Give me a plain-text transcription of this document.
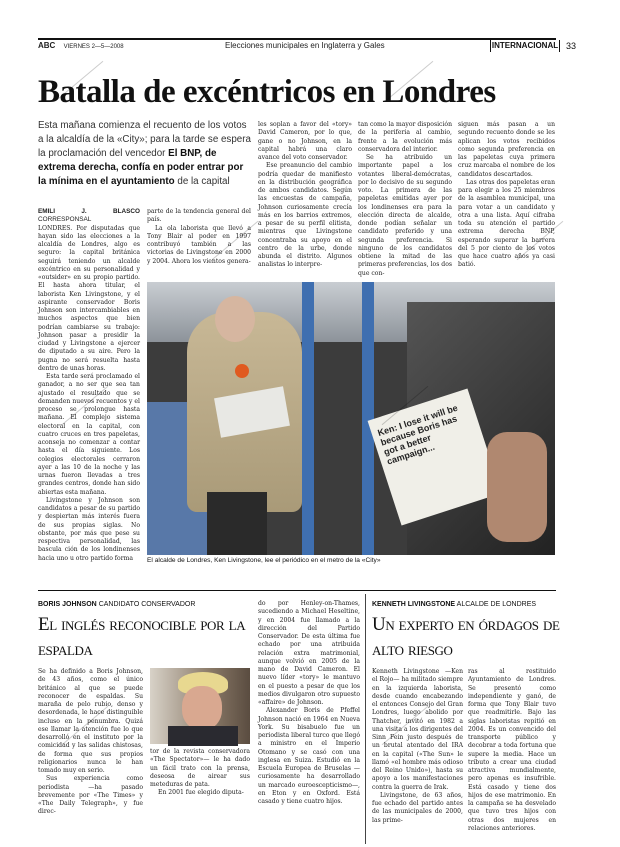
ABC VIERNES 2—5—2008	Elecciones municipales en Inglaterra y Gales	INTERNACIONAL 33
Batalla de excéntricos en Londres
Esta mañana comienza el recuento de los votos a la alcaldía de la «City»; para la tarde se espera la proclamación del vencedor El BNP, de extrema derecha, confía en poder entrar por la mínima en el ayuntamiento de la capital
EMILI J. BLASCO CORRESPONSAL

LONDRES. Por disputadas que hayan sido las elecciones a la alcaldía de Londres, algo es seguro: la capital británica seguirá teniendo un alcalde excéntrico en su personalidad y «outsider» en su propio partido. El hasta ahora titular, el laborista Ken Livingstone, y el aspirante conservador Boris Johnson son intercambiables en muchos aspectos que bien podrían cambiarse su trabajo: Johnson pasar a presidir la ciudad y Livingstone a ejercer de diputado a su aire. Pero la pugna no será resuelta hasta dentro de unas horas.

Esta tarde será proclamado el ganador, a no ser que sea tan ajustado el resultado que se demanden nuevos recuentos y el proceso se prolongue hasta mañana. El complejo sistema electoral en la capital, con cuatro cruces en tres papeletas, aconseja no comenzar a contar hasta el día siguiente. Los colegios electorales cerraron ayer a las 10 de la noche y las urnas fueron llevadas a tres grandes centros, donde han sido abiertas esta mañana.

Livingstone y Johnson son candidatos a pesar de su partido y despiertan más interés fuera de sus propias siglas. No obstante, por más que pese su respectiva personalidad, las bascula ción de los londinenses hacia uno u otro partido forma

parte de la tendencia general del país.

La ola laborista que llevó a Tony Blair al poder en 1997 contribuyó también a las victorias de Livingstone en 2000 y 2004. Ahora los vientos genera-

les soplan a favor del «tory» David Cameron, por lo que, gane o no Johnson, en la capital habrá una claro avance del voto conservador.

Ese preanuncio del cambio podría quedar de manifiesto en la distribución geográfica de ambos candidatos. Según las encuestas de campaña, Johnson curiosamente crecía más en los barrios extremos, a pesar de su perfil elitista, mientras que Livingstone concentraba su apoyo en el centro de la urbe, donde abunda el distrito. Algunos analistas lo interpre-

tan como la mayor disposición de la periferia al cambio, frente a la evolución más conservadora del interior.

Se ha atribuido un importante papel a los votantes liberal-demócratas, por lo decisivo de su segundo voto. La primera de las papeletas emitidas ayer por los londinenses era para la elección directa de alcalde, donde podían señalar un candidato preferido y una segunda preferencia. Si ninguno de los candidatos obtiene la mitad de las primeras preferencias, los dos que con-

siguen más pasan a un segundo recuento donde se les aplican los votos recibidos como segunda preferencia en las papeletas cuya primera cruz marcaba el nombre de los candidatos descartados.

Las otras dos papeletas eran para elegir a los 25 miembros de la asamblea municipal, una para votar a un candidato y otra a una lista. Aquí cifraba toda su atención el partido extrema derecha BNP, esperando superar la barrera del 5 por ciento de los votos que hace cuatro años ya casi batió.

Ken: I lose it will be because Boris has got a better campaign...
El alcalde de Londres, Ken Livingstone, lee el periódico en el metro de la «City»
BORIS JOHNSON CANDIDATO CONSERVADOR
El inglés reconocible por la espalda

Se ha definido a Boris Johnson, de 43 años, como el único británico al que se puede reconocer de espaldas. Su maraña de pelo rubio, denso y desordenada, le hace distinguible incluso en la penumbra. Quizá ese llamar la atención fue lo que desarrolló en el instituto por la comicidad y las salidas chistosas, de forma que sus propios religionarios nunca le han tomado muy en serio.

Sus experiencia como periodista —ha pasado brevemente por «The Times» y «The Daily Telegraph», y fue direc-

tor de la revista conservadora «The Spectator»— le ha dado un fácil trato con la prensa, deseosa de airear sus meteduras de pata.

En 2001 fue elegido diputa-

do por Henley-on-Thames, sucediendo a Michael Heseltine, y en 2004 fue llamado a la dirección del Partido Conservador. De esta última fue echado por una atribuida relación extra matrimonial, aunque volvió en 2005 de la mano de David Cameron. El nuevo líder «tory» le mantuvo en el puesto a pesar de que los medios divulgaron otro supuesto «affaire» de Johnson.

Alexander Boris de Pfeffel Johnson nació en 1964 en Nueva York. Su bisabuelo fue un periodista liberal turco que llegó a ministro en el Imperio Otomano y se casó con una inglesa en Suiza. Estudió en la Escuela Europea de Bruselas —curiosamente ha desarrollado un marcado euroescepticismo—, en Eton y en Oxford. Está casado y tiene cuatro hijos.

KENNETH LIVINGSTONE ALCALDE DE LONDRES
Un experto en órdagos de alto riesgo

Kenneth Livingstone —Ken el Rojo— ha militado siempre en la izquierda laborista, desde cuando encabezando el entonces Consejo del Gran Londres, luego abolido por Thatcher, invitó en 1982 a una visita a los dirigentes del Sinn Fein justo después de un brutal atentado del IRA en la capital («The Sun» le llamó «el hombre más odioso del Reino Unido»), hasta su apoyo a los manifestaciones contra la guerra de Irak.

Livingstone, de 63 años, fue echado del partido antes de las municipales de 2000, las prime-

ras al restituido Ayuntamiento de Londres. Se presentó como independiente y ganó, de forma que Tony Blair tuvo que readmitirle. Bajo las siglas laboristas repitió en 2004. Es un convencido del transporte público y decobrar a toda fortuna que supere la media. Hace un tributo a crear una ciudad atractiva mundialmente, pero apenas es insufrible. Está casado y tiene dos hijos de ese matrimonio. En la campaña se ha desvelado que tuvo tres hijos con otras dos mujeres en relaciones anteriores.
